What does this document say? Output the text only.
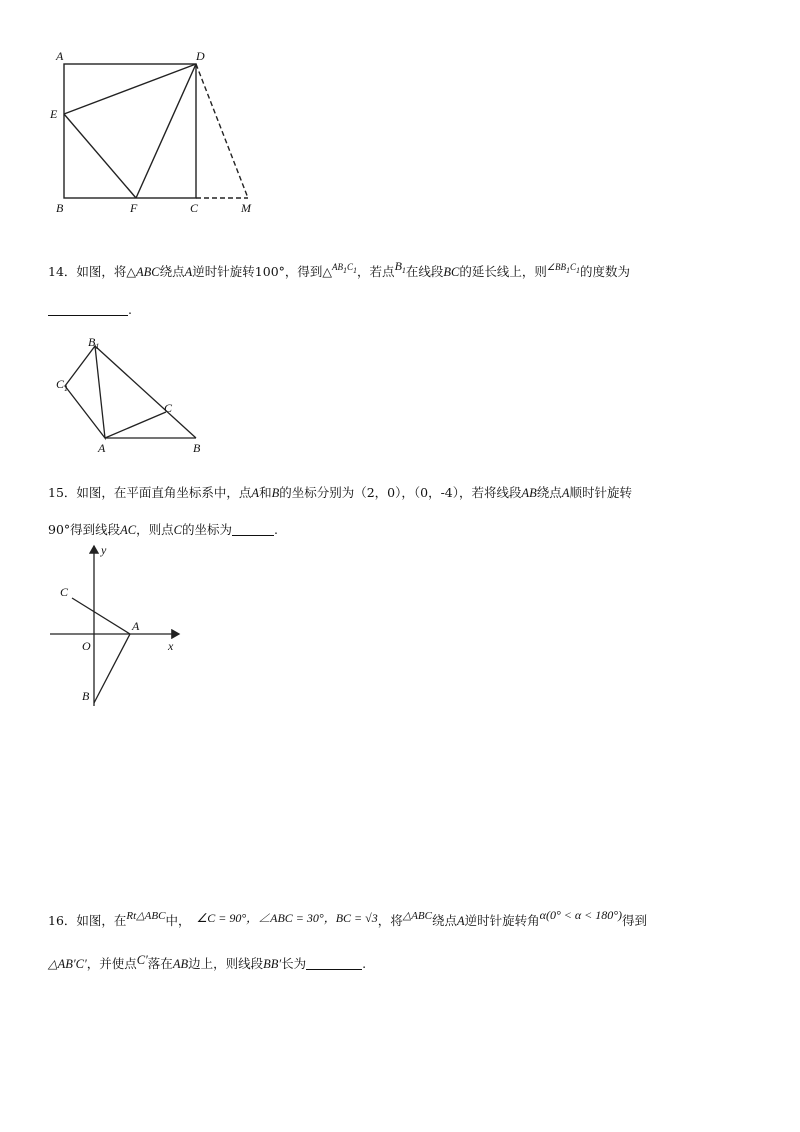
A	D
E
B	F	C	M
14．如图，将△ABC绕点A逆时针旋转100°，得到△$^{AB1C1}$，若点$B_1$在线段BC的延长线上，则$^{\angle BB1C1}$的度数为
.
$B_1$
$C_1$
C
A	B
15．如图，在平面直角坐标系中，点A和B的坐标分别为（2，0），（0，-4），若将线段AB绕点A顺时针旋转
90°得到线段AC，则点C的坐标为	.
y
x
O
A
B
C
16．如图，在Rt△ABC中， ∠C = 90°，∠ABC = 30°，BC = √3，将△ABC绕点A逆时针旋转角α(0° < α < 180°)得到
△AB′C′，并使点C′落在AB边上，则线段BB′长为	.
